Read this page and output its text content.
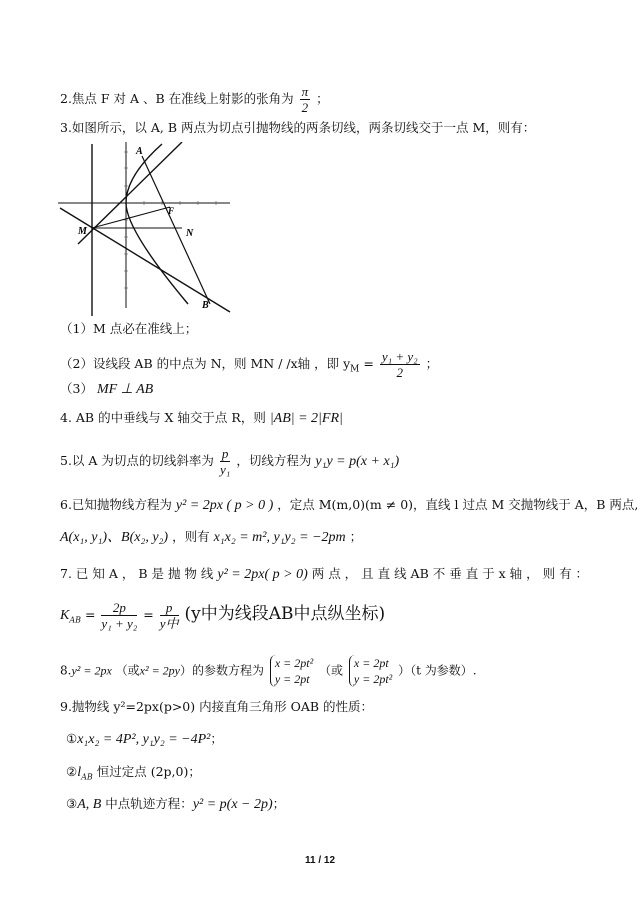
2.焦点 F 对 A 、B 在准线上射影的张角为 $\frac{\pi}{2}$ ；
3.如图所示，以 A, B 两点为切点引抛物线的两条切线，两条切线交于一点 M，则有：
A
B
M	N
F
（1）M 点必在准线上；
（2）设线段 AB 的中点为 N，则 MN / /x轴 ，即 $y_M = \frac{\text{y₁ + y₂}}{2}$ ；
（3） MF ⊥ AB
4. AB 的中垂线与 X 轴交于点 R，则 |AB| = 2|FR|
5.以 A 为切点的切线斜率为 $\frac{p}{\text{y₁}}$ ，切线方程为 y₁y = p(x + x₁)
6.已知抛物线方程为 y² = 2px ( p > 0 ) ，定点 M(m,0)(m ≠ 0)，直线 l 过点 M 交抛物线于 A，B 两点,
A(x₁, y₁)、B(x₂, y₂) ，则有 x₁x₂ = m², y₁y₂ = −2pm ；
7. 已 知 A ， B 是 抛 物 线 y² = 2px( p > 0) 两 点 ， 且 直 线 AB 不 垂 直 于 x 轴 ， 则 有 ：
$K_{AB} = \frac{2p}{\text{y₁ + y₂}} = \frac{p}{\text{y中}} (y$中为线段AB中点纵坐标)
8.y² = 2px （或x² = 2py）的参数方程为
x = 2pt²
y = 2pt
（或
x = 2pt
y = 2pt²
）（t 为参数）.
9.抛物线 y²=2px(p>0) 内接直角三角形 OAB 的性质：
①x₁x₂ = 4P², y₁y₂ = −4P²；
$②l_{AB}$ 恒过定点 (2p,0)；
③A, B 中点轨迹方程：y² = p(x − 2p)；
11 / 12
